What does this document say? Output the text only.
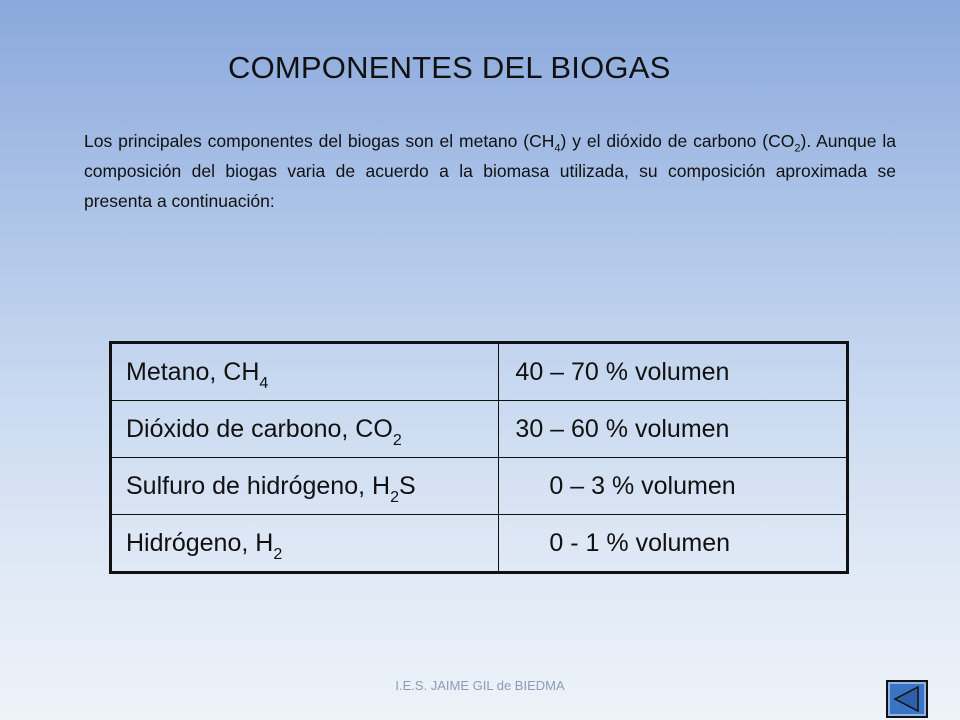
COMPONENTES DEL BIOGAS

Los principales componentes del biogas son el metano $(CH_4)$ y el dióxido de carbono $(CO_2)$. Aunque la composición del biogas varia de acuerdo a la biomasa utilizada, su composición aproximada se presenta a continuación:

Metano, $CH_4$	40 – 70 % volumen
Dióxido de carbono, $CO_2$	30 – 60 % volumen
Sulfuro de hidrógeno, $H_2S$	0 – 3 % volumen
Hidrógeno, $H_2$	0 - 1 % volumen
I.E.S. JAIME GIL de BIEDMA
